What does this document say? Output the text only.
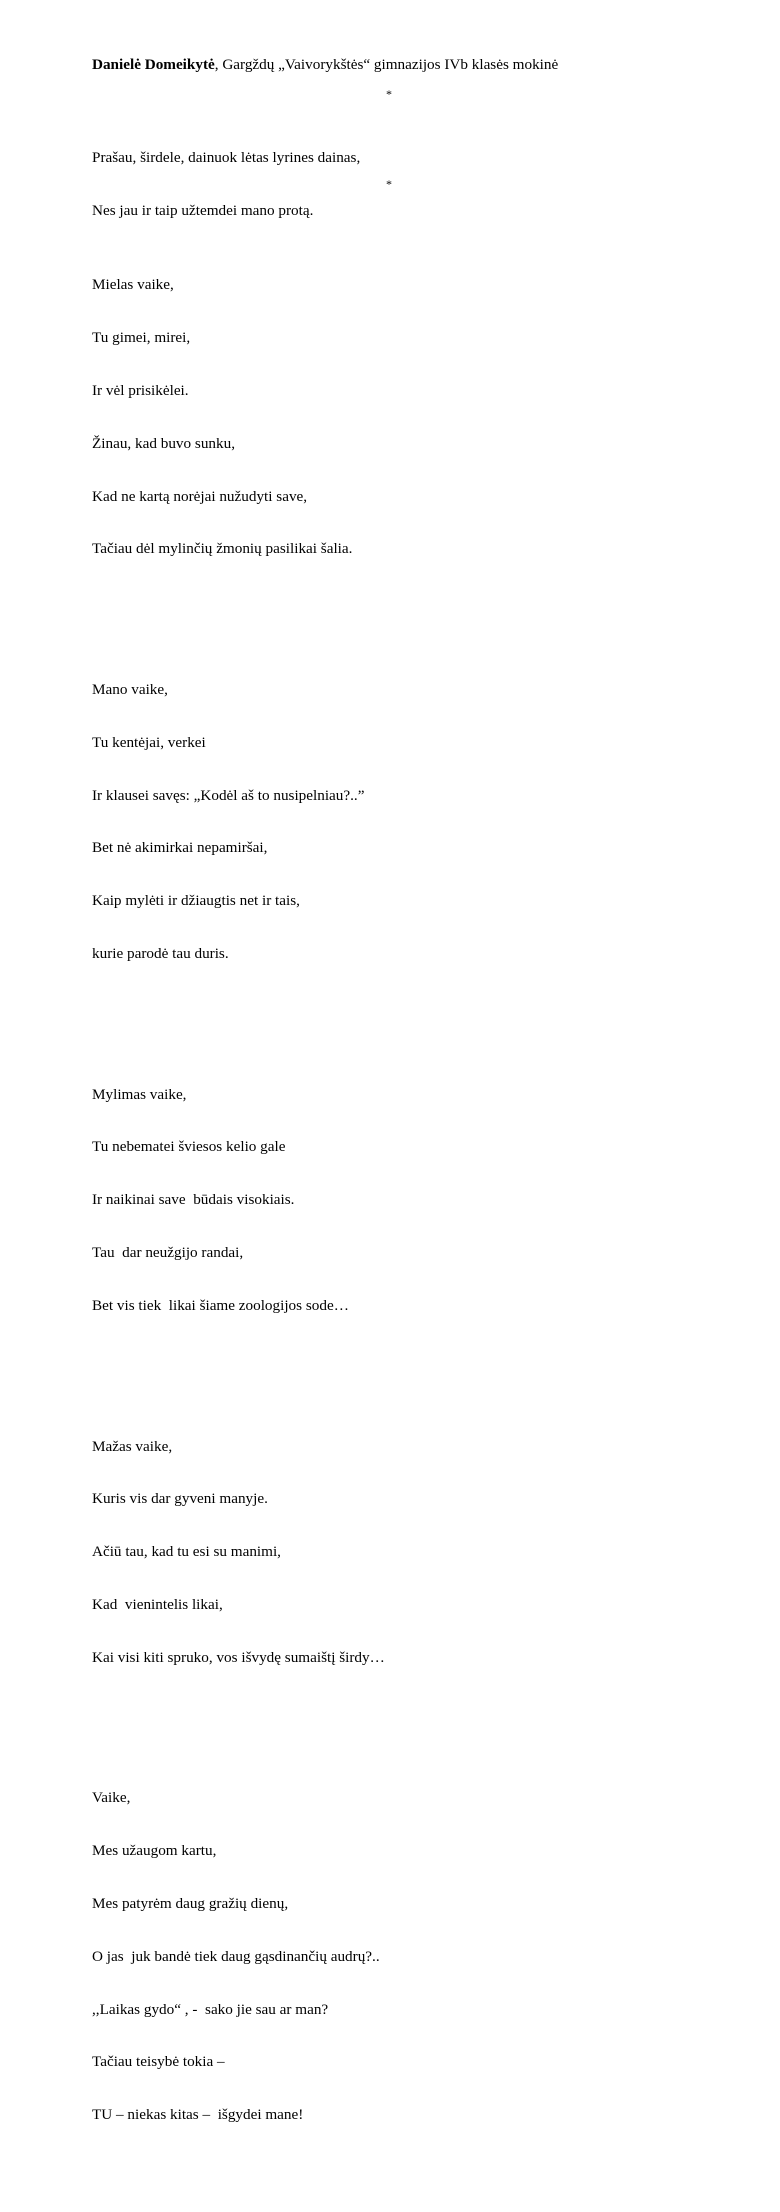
Danielė Domeikytė, Gargždų „Vaivorykštės“ gimnazijos IVb klasės mokinė
*

Prašau, širdele, dainuok lėtas lyrines dainas,

Nes jau ir taip užtemdei mano protą.

*

Mielas vaike,

Tu gimei, mirei,

Ir vėl prisikėlei.

Žinau, kad buvo sunku,

Kad ne kartą norėjai nužudyti save,

Tačiau dėl mylinčių žmonių pasilikai šalia.

Mano vaike,

Tu kentėjai, verkei

Ir klausei savęs: „Kodėl aš to nusipelniau?..”

Bet nė akimirkai nepamiršai,

Kaip mylėti ir džiaugtis net ir tais,

kurie parodė tau duris.

Mylimas vaike,

Tu nebematei šviesos kelio gale

Ir naikinai save  būdais visokiais.

Tau  dar neužgijo randai,

Bet vis tiek  likai šiame zoologijos sode…

Mažas vaike,

Kuris vis dar gyveni manyje.

Ačiū tau, kad tu esi su manimi,

Kad  vienintelis likai,

Kai visi kiti spruko, vos išvydę sumaištį širdy…

Vaike,

Mes užaugom kartu,

Mes patyrėm daug gražių dienų,

O jas  juk bandė tiek daug gąsdinančių audrų?..

,,Laikas gydo“ , -  sako jie sau ar man?

Tačiau teisybė tokia –

TU – niekas kitas –  išgydei mane!
